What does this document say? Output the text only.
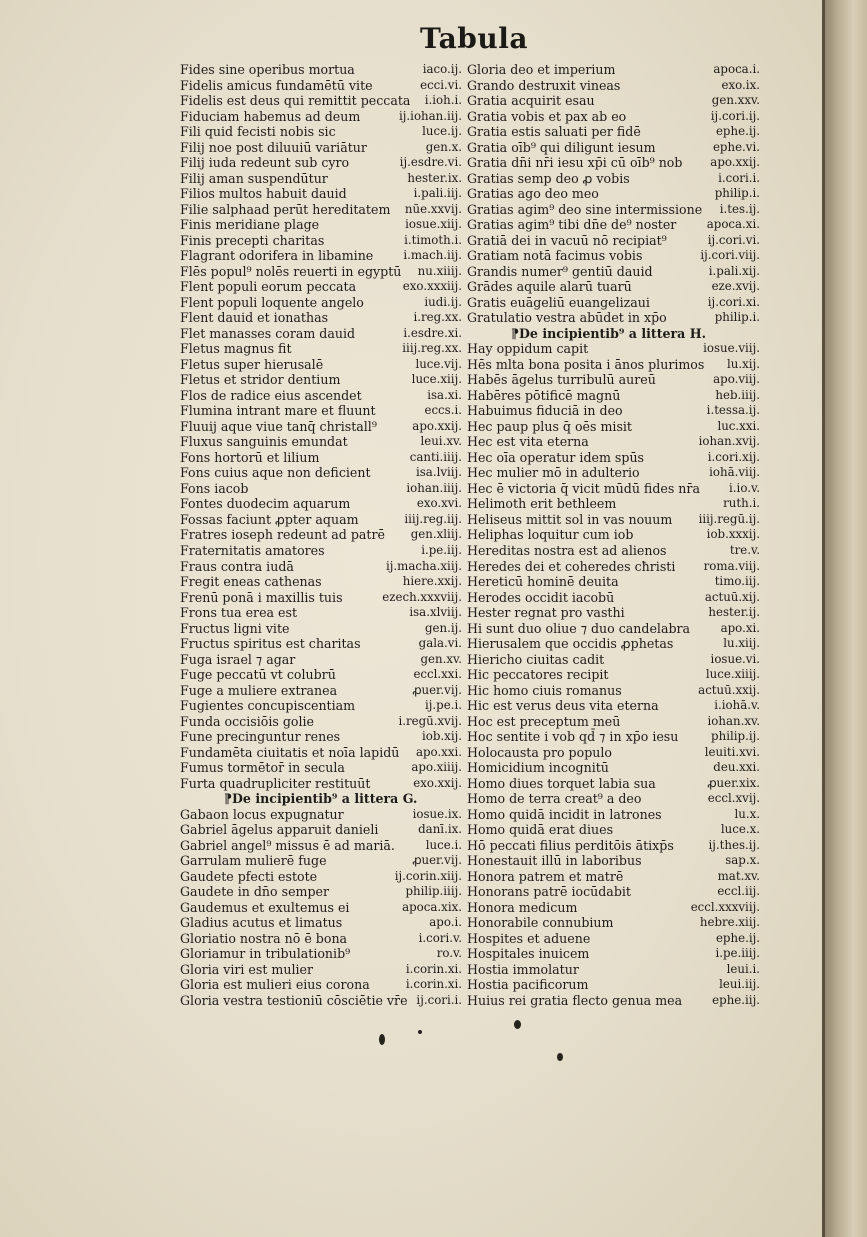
Tabula
Fides sine operibus mortua	iaco.ij.
Fidelis amicus fundamētū vite	ecci.vi.
Fidelis est deus qui remittit peccata i.ioh.i.
Fiduciam habemus ad deum	ij.iohan.iij.
Fili quid fecisti nobis sic	luce.ij.
Filij noe post diluuiū variātur	gen.x.
Filij iuda redeunt sub cyro	ij.esdre.vi.
Filij aman suspendūtur	hester.ix.
Filios multos habuit dauid	i.pali.iij.
Filie salphaad perūt hereditatem nūe.xxvij.
Finis meridiane plage	iosue.xiij.
Finis precepti charitas	i.timoth.i.
Flagrant odorifera in libamine	i.mach.iij.
Flēs popul⁹ nolēs reuerti in egyptū nu.xiiij.
Flent populi eorum peccata	exo.xxxiij.
Flent populi loquente angelo	iudi.ij.
Flent dauid et ionathas	i.reg.xx.
Flet manasses coram dauid	i.esdre.xi.
Fletus magnus fit	iiij.reg.xx.
Fletus super hierusalē	luce.vij.
Fletus et stridor dentium	luce.xiij.
Flos de radice eius ascendet	isa.xi.
Flumina intrant mare et fluunt	eccs.i.
Fluuij aque viue tanq̄ christall⁹	apo.xxij.
Fluxus sanguinis emundat	leui.xv.
Fons hortorū et lilium	canti.iiij.
Fons cuius aque non deficient	isa.lviij.
Fons iacob	iohan.iiij.
Fontes duodecim aquarum	exo.xvi.
Fossas faciunt ꝓpter aquam	iiij.reg.iij.
Fratres ioseph redeunt ad patrē gen.xliij.
Fraternitatis amatores	i.pe.iij.
Fraus contra iudā	ij.macha.xiij.
Fregit eneas cathenas	hiere.xxij.
Frenū ponā i maxillis tuis	ezech.xxxviij.
Frons tua erea est	isa.xlviij.
Fructus ligni vite	gen.ij.
Fructus spiritus est charitas	gala.vi.
Fuga israel ⁊ agar	gen.xv.
Fuge peccatū vt colubrū	eccl.xxi.
Fuge a muliere extranea	ꝓuer.vij.
Fugientes concupiscentiam	ij.pe.i.
Funda occisiōis golie	i.regū.xvij.
Fune precinguntur renes	iob.xij.
Fundamēta ciuitatis et noīa lapidū apo.xxi.
Fumus tormētor̄ in secula	apo.xiiij.
Furta quadrupliciter restituūt	exo.xxij.
⁋De incipientib⁹ a littera G.
Gabaon locus expugnatur	iosue.ix.
Gabriel āgelus apparuit danieli	danī.ix.
Gabriel angel⁹ missus ē ad mariā.	luce.i.
Garrulam mulierē fuge	ꝓuer.vij.
Gaudete pfecti estote	ij.corin.xiij.
Gaudete in dn̄o semper	philip.iiij.
Gaudemus et exultemus ei	apoca.xix.
Gladius acutus et limatus	apo.i.
Gloriatio nostra nō ē bona	i.cori.v.
Gloriamur in tribulationib⁹	ro.v.
Gloria viri est mulier	i.corin.xi.
Gloria est mulieri eius corona	i.corin.xi.
Gloria vestra testioniū cōsciētie vr̄e ij.cori.i.
Gloria deo et imperium	apoca.i.
Grando destruxit vineas	exo.ix.
Gratia acquirit esau	gen.xxv.
Gratia vobis et pax ab eo	ij.cori.ij.
Gratia estis saluati per fidē	ephe.ij.
Gratia oīb⁹ qui diligunt iesum	ephe.vi.
Gratia dn̄i nr̄i iesu xp̄i cū oīb⁹ nob apo.xxij.
Gratias semp deo ꝓ vobis	i.cori.i.
Gratias ago deo meo	philip.i.
Gratias agim⁹ deo sine intermissione i.tes.ij.
Gratias agim⁹ tibi dn̄e de⁹ noster	apoca.xi.
Gratiā dei in vacuū nō recipiat⁹	ij.cori.vi.
Gratiam notā facimus vobis	ij.cori.viij.
Grandis numer⁹ gentiū dauid	i.pali.xij.
Grādes aquile alarū tuarū	eze.xvij.
Gratis euāgeliū euangelizaui	ij.cori.xi.
Gratulatio vestra abūdet in xp̄o	philip.i.
⁋De incipientib⁹ a littera H.
Hay oppidum capit	iosue.viij.
Hēs mlta bona posita i ānos plurimos lu.xij.
Habēs āgelus turribulū aureū	apo.viij.
Habēres pōtificē magnū	heb.iiij.
Habuimus fiduciā in deo	i.tessa.ij.
Hec paup plus q̄ oēs misit	luc.xxi.
Hec est vita eterna	iohan.xvij.
Hec oīa operatur idem spūs	i.cori.xij.
Hec mulier mō in adulterio	iohā.viij.
Hec ē victoria q̄ vicit mūdū fides nr̄a i.io.v.
Helimoth erit bethleem	ruth.i.
Heliseus mittit sol in vas nouum iiij.regū.ij.
Heliphas loquitur cum iob	iob.xxxij.
Hereditas nostra est ad alienos	tre.v.
Heredes dei et coheredes cħristi roma.viij.
Hereticū hominē deuita	timo.iij.
Herodes occidit iacobū	actuū.xij.
Hester regnat pro vasthi	hester.ij.
Hi sunt duo oliue ⁊ duo candelabra	apo.xi.
Hierusalem que occidis ꝓphetas	lu.xiij.
Hiericho ciuitas cadit	iosue.vi.
Hic peccatores recipit	luce.xiiij.
Hic homo ciuis romanus	actuū.xxij.
Hic est verus deus vita eterna	i.iohā.v.
Hoc est preceptum meū	iohan.xv.
Hoc sentite i vob qd̄ ⁊ in xp̄o iesu	philip.ij.
Holocausta pro populo	leuiti.xvi.
Homicidium incognitū	deu.xxi.
Homo diues torquet labia sua	ꝓuer.xix.
Homo de terra creat⁹ a deo	eccl.xvij.
Homo quidā incidit in latrones	lu.x.
Homo quidā erat diues	luce.x.
Hō peccati filius perditōis ātixp̄s	ij.thes.ij.
Honestauit illū in laboribus	sap.x.
Honora patrem et matrē	mat.xv.
Honorans patrē iocūdabit	eccl.iij.
Honora medicum	eccl.xxxviij.
Honorabile connubium	hebre.xiij.
Hospites et aduene	ephe.ij.
Hospitales inuicem	i.pe.iiij.
Hostia immolatur	leui.i.
Hostia pacificorum	leui.iij.
Huius rei gratia flecto genua mea	ephe.iij.
